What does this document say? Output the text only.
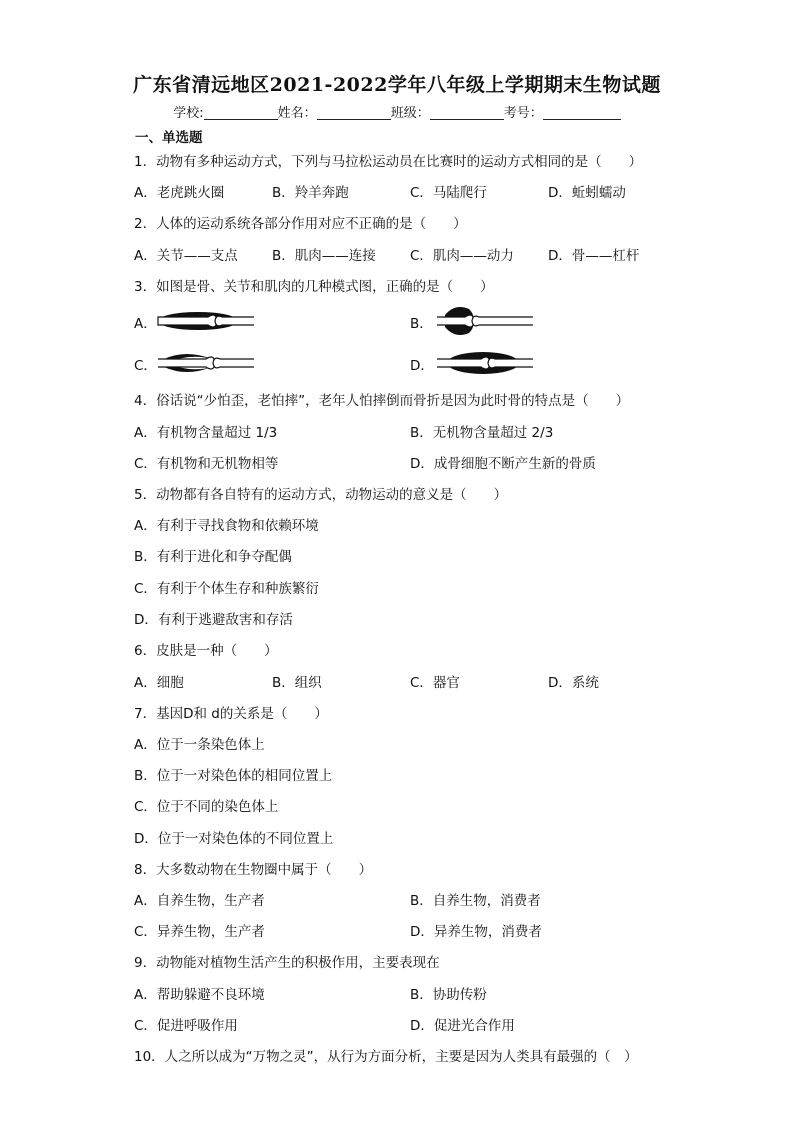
广东省清远地区2021-2022学年八年级上学期期末生物试题
学校:	姓名：	班级：	考号：
一、单选题
1．动物有多种运动方式，下列与马拉松运动员在比赛时的运动方式相同的是（　　）
A．老虎跳火圈	B．羚羊奔跑	C．马陆爬行	D．蚯蚓蠕动
2．人体的运动系统各部分作用对应不正确的是（　　）
A．关节——支点	B．肌肉——连接	C．肌肉——动力	D．骨——杠杆
3．如图是骨、关节和肌肉的几种模式图，正确的是（　　）
A．	B．
C．	D．
4．俗话说“少怕歪，老怕摔”，老年人怕摔倒而骨折是因为此时骨的特点是（　　）
A．有机物含量超过 1/3	B．无机物含量超过 2/3
C．有机物和无机物相等	D．成骨细胞不断产生新的骨质
5．动物都有各自特有的运动方式，动物运动的意义是（　　）
A．有利于寻找食物和依赖环境
B．有利于进化和争夺配偶
C．有利于个体生存和种族繁衍
D．有利于逃避敌害和存活
6．皮肤是一种（　　）
A．细胞	B．组织	C．器官	D．系统
7．基因D和 d的关系是（　　）
A．位于一条染色体上
B．位于一对染色体的相同位置上
C．位于不同的染色体上
D．位于一对染色体的不同位置上
8．大多数动物在生物圈中属于（　　）
A．自养生物，生产者	B．自养生物，消费者
C．异养生物，生产者	D．异养生物，消费者
9．动物能对植物生活产生的积极作用，主要表现在
A．帮助躲避不良环境	B．协助传粉
C．促进呼吸作用	D．促进光合作用
10．人之所以成为“万物之灵”，从行为方面分析，主要是因为人类具有最强的（　）
